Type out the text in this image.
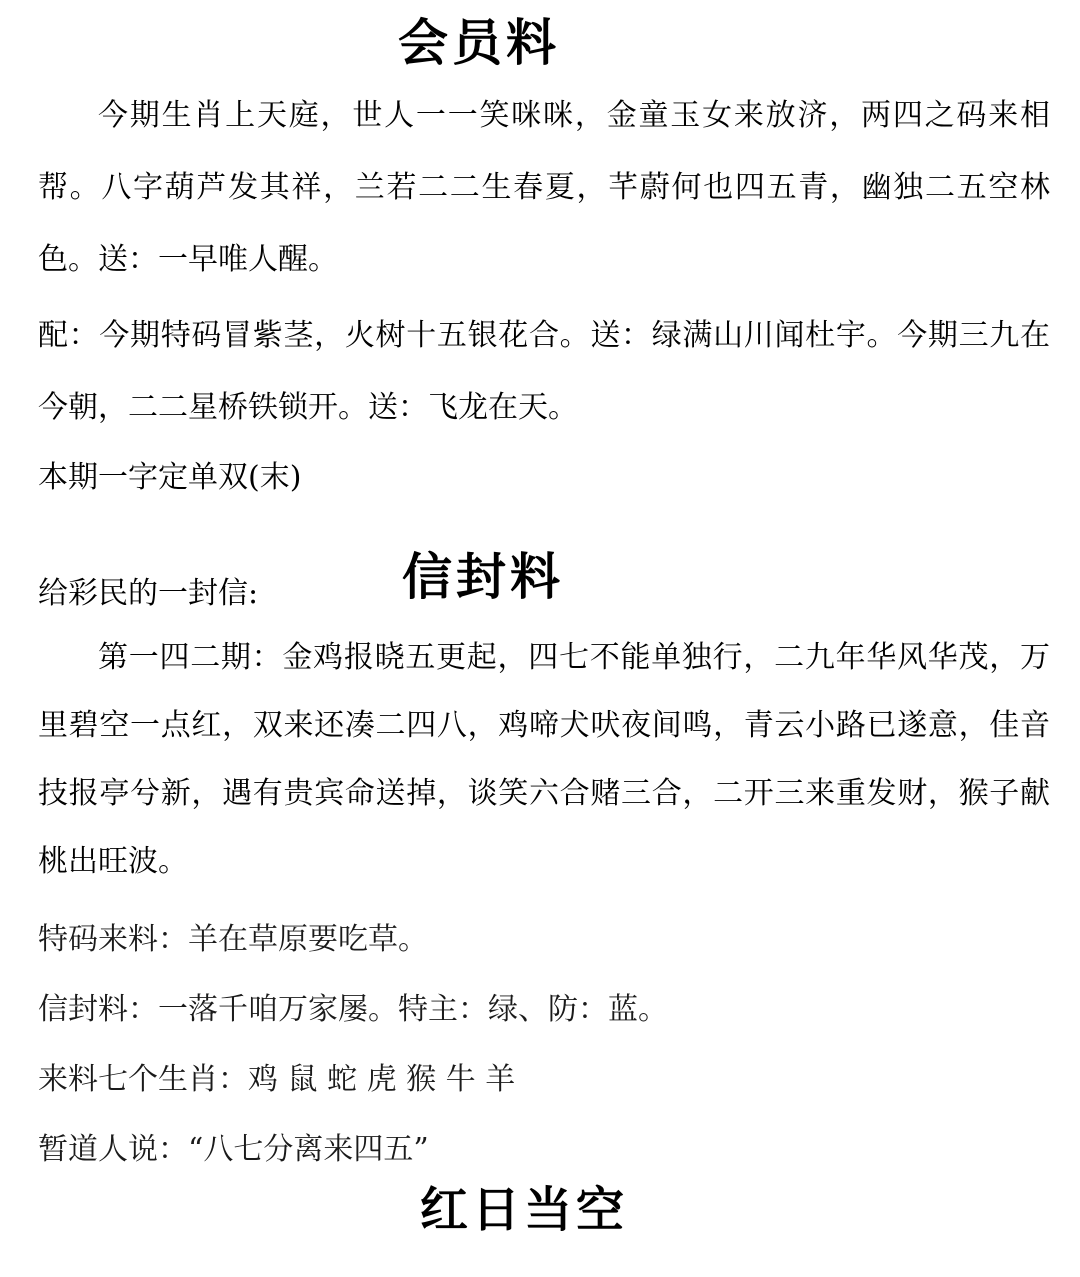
会员料

今期生肖上天庭，世人一一笑咪咪，金童玉女来放济，两四之码来相帮。八字葫芦发其祥，兰若二二生春夏，芊蔚何也四五青，幽独二五空林色。送：一早唯人醒。

配：今期特码冒紫茎，火树十五银花合。送：绿满山川闻杜宇。今期三九在今朝，二二星桥铁锁开。送：飞龙在天。

本期一字定单双(末)
给彩民的一封信:	信封料

第一四二期：金鸡报晓五更起，四七不能单独行，二九年华风华茂，万里碧空一点红，双来还凑二四八，鸡啼犬吠夜间鸣，青云小路已遂意，佳音技报亭兮新，遇有贵宾命送掉，谈笑六合赌三合，二开三来重发财，猴子献桃出旺波。

特码来料：羊在草原要吃草。
信封料：一落千咱万家屡。特主：绿、防：蓝。
来料七个生肖：鸡 鼠 蛇 虎 猴 牛 羊
暂道人说：“八七分离来四五”
红日当空
